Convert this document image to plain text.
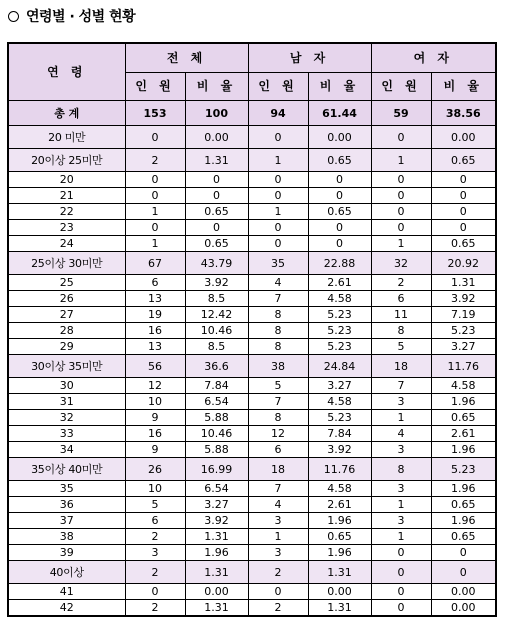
연령별 · 성별 현황
연 령	전 체		남 자		여 자	
	인 원	비 율	인 원	비 율	인 원	비 율
총 계	153	100	94	61.44	59	38.56
20 미만	0	0.00	0	0.00	0	0.00
20이상 25미만	2	1.31	1	0.65	1	0.65
20	0	0	0	0	0	0
21	0	0	0	0	0	0
22	1	0.65	1	0.65	0	0
23	0	0	0	0	0	0
24	1	0.65	0	0	1	0.65
25이상 30미만	67	43.79	35	22.88	32	20.92
25	6	3.92	4	2.61	2	1.31
26	13	8.5	7	4.58	6	3.92
27	19	12.42	8	5.23	11	7.19
28	16	10.46	8	5.23	8	5.23
29	13	8.5	8	5.23	5	3.27
30이상 35미만	56	36.6	38	24.84	18	11.76
30	12	7.84	5	3.27	7	4.58
31	10	6.54	7	4.58	3	1.96
32	9	5.88	8	5.23	1	0.65
33	16	10.46	12	7.84	4	2.61
34	9	5.88	6	3.92	3	1.96
35이상 40미만	26	16.99	18	11.76	8	5.23
35	10	6.54	7	4.58	3	1.96
36	5	3.27	4	2.61	1	0.65
37	6	3.92	3	1.96	3	1.96
38	2	1.31	1	0.65	1	0.65
39	3	1.96	3	1.96	0	0
40이상	2	1.31	2	1.31	0	0
41	0	0.00	0	0.00	0	0.00
42	2	1.31	2	1.31	0	0.00
